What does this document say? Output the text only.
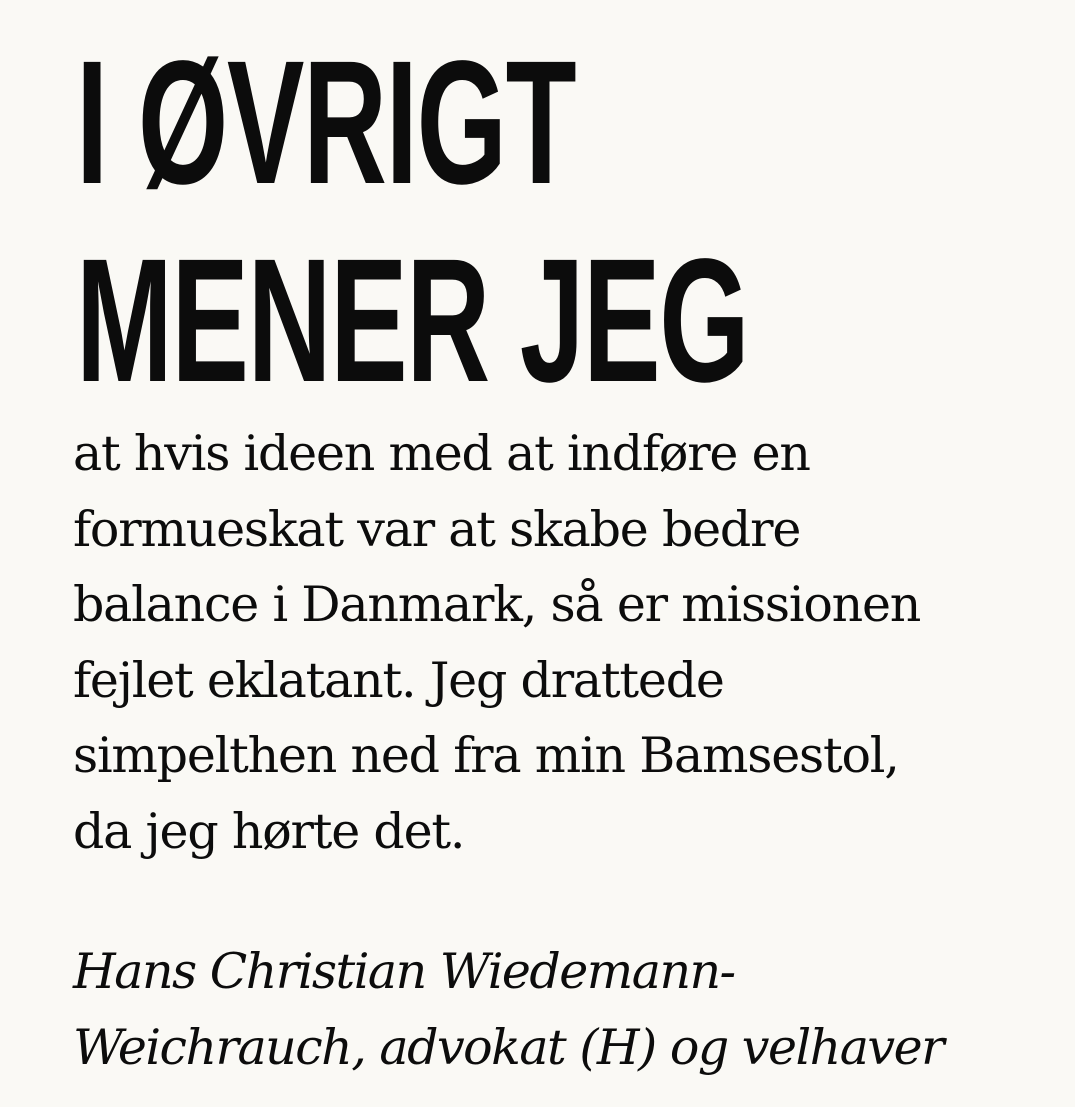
I ØVRIGT
MENER JEG

at hvis ideen med at indføre en
formueskat var at skabe bedre
balance i Danmark, så er missionen
fejlet eklatant. Jeg drattede
simpelthen ned fra min Bamsestol,
da jeg hørte det.

Hans Christian Wiedemann-
Weichrauch, advokat (H) og velhaver
